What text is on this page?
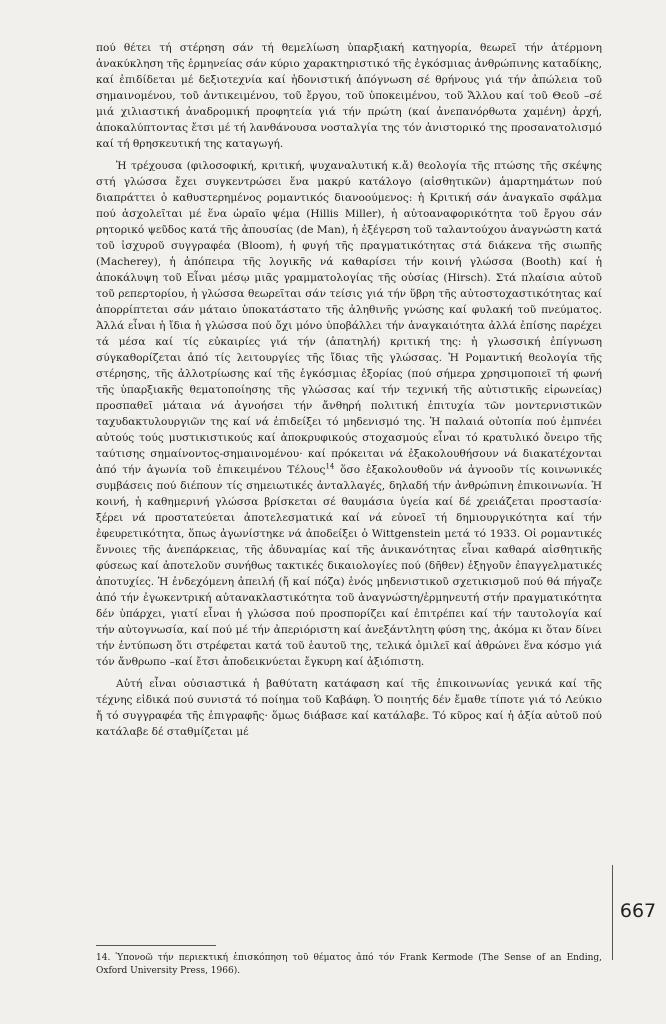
πού θέτει τή στέρηση σάν τή θεμελίωση ὑπαρξιακή κατηγορία, θεωρεῖ τήν ἀτέρμονη ἀνακύκληση τῆς ἑρμηνείας σάν κύριο χαρακτηριστικό τῆς ἐγκόσμιας ἀνθρώπινης καταδίκης, καί ἐπιδίδεται μέ δεξιοτεχνία καί ἡδονιστική ἀπόγνωση σέ θρήνους γιά τήν ἀπώλεια τοῦ σημαινομένου, τοῦ ἀντικειμένου, τοῦ ἔργου, τοῦ ὑποκειμένου, τοῦ Ἄλλου καί τοῦ Θεοῦ –σέ μιά χιλιαστική ἀναδρομική προφητεία γιά τήν πρώτη (καί ἀνεπανόρθωτα χαμένη) ἀρχή, ἀποκαλύπτοντας ἔτσι μέ τή λανθάνουσα νοσταλγία της τόν ἀνιστορικό της προσανατολισμό καί τή θρησκευτική της καταγωγή.

Ἡ τρέχουσα (φιλοσοφική, κριτική, ψυχαναλυτική κ.ἄ) θεολογία τῆς πτώσης τῆς σκέψης στή γλώσσα ἔχει συγκεντρώσει ἕνα μακρύ κατάλογο (αἰσθητικῶν) ἁμαρτημάτων πού διαπράττει ὁ καθυστερημένος ρομαντικός διανοούμενος: ἡ Κριτική σάν ἀναγκαῖο σφάλμα πού ἀσχολεῖται μέ ἕνα ὡραῖο ψέμα (Hillis Miller), ἡ αὐτοαναφορικότητα τοῦ ἔργου σάν ρητορικό ψεῦδος κατά τῆς ἀπουσίας (de Man), ἡ ἐξέγερση τοῦ ταλαντούχου ἀναγνώστη κατά τοῦ ἰσχυροῦ συγγραφέα (Bloom), ἡ φυγή τῆς πραγματικότητας στά διάκενα τῆς σιωπῆς (Macherey), ἡ ἀπόπειρα τῆς λογικῆς νά καθαρίσει τήν κοινή γλώσσα (Booth) καί ἡ ἀποκάλυψη τοῦ Εἶναι μέσῳ μιᾶς γραμματολογίας τῆς οὐσίας (Hirsch). Στά πλαίσια αὐτοῦ τοῦ ρεπερτορίου, ἡ γλώσσα θεωρεῖται σάν τείσις γιά τήν ὕβρη τῆς αὐτοστοχαστικότητας καί ἀπορρίπτεται σάν μάταιο ὑποκατάστατο τῆς ἀληθινῆς γνώσης καί φυλακή τοῦ πνεύματος. Ἀλλά εἶναι ἡ ἴδια ἡ γλώσσα πού ὄχι μόνο ὑποβάλλει τήν ἀναγκαιότητα ἀλλά ἐπίσης παρέχει τά μέσα καί τίς εὐκαιρίες γιά τήν (ἀπατηλή) κριτική της: ἡ γλωσσική ἐπίγνωση σύγκαθορίζεται ἀπό τίς λειτουργίες τῆς ἴδιας τῆς γλώσσας. Ἡ Ρομαντική θεολογία τῆς στέρησης, τῆς ἀλλοτρίωσης καί τῆς ἐγκόσμιας ἐξορίας (πού σήμερα χρησιμοποιεῖ τή φωνή τῆς ὑπαρξιακῆς θεματοποίησης τῆς γλώσσας καί τήν τεχνική τῆς αὐτιστικῆς εἰρωνείας) προσπαθεῖ μάταια νά ἀγνοήσει τήν ἄνθηρή πολιτική ἐπιτυχία τῶν μοντερνιστικῶν ταχυδακτυλουργιῶν της καί νά ἐπιδείξει τό μηδενισμό της. Ἡ παλαιά οὐτοπία πού ἐμπνέει αὐτούς τούς μυστικιστικούς καί ἀποκρυφικούς στοχασμούς εἶναι τό κρατυλικό ὄνειρο τῆς ταύτισης σημαίνοντος-σημαινομένου· καί πρόκειται νά ἐξακολουθήσουν νά διακατέχονται ἀπό τήν ἀγωνία τοῦ ἐπικειμένου Τέλους$^{14}$ ὅσο ἐξακολουθοῦν νά ἀγνοοῦν τίς κοινωνικές συμβάσεις πού διέπουν τίς σημειωτικές ἀνταλλαγές, δηλαδή τήν ἀνθρώπινη ἐπικοινωνία. Ἡ κοινή, ἡ καθημερινή γλώσσα βρίσκεται σέ θαυμάσια ὑγεία καί δέ χρειάζεται προστασία· ξέρει νά προστατεύεται ἀποτελεσματικά καί νά εὐνοεῖ τή δημιουργικότητα καί τήν ἐφευρετικότητα, ὅπως ἀγωνίστηκε νά ἀποδείξει ὁ Wittgenstein μετά τό 1933. Οἱ ρομαντικές ἔννοιες τῆς ἀνεπάρκειας, τῆς ἀδυναμίας καί τῆς ἀνικανότητας εἶναι καθαρά αἰσθητικῆς φύσεως καί ἀποτελοῦν συνήθως τακτικές δικαιολογίες πού (δῆθεν) ἐξηγοῦν ἐπαγγελματικές ἀποτυχίες. Ἡ ἐνδεχόμενη ἀπειλή (ἤ καί πόζα) ἑνός μηδενιστικοῦ σχετικισμοῦ πού θά πήγαζε ἀπό τήν ἐγωκεντρική αὐτανακλαστικότητα τοῦ ἀναγνώστη/ἑρμηνευτή στήν πραγματικότητα δέν ὑπάρχει, γιατί εἶναι ἡ γλώσσα πού προσπορίζει καί ἐπιτρέπει καί τήν ταυτολογία καί τήν αὐτογνωσία, καί πού μέ τήν ἀπεριόριστη καί ἀνεξάντλητη φύση της, ἀκόμα κι ὅταν δίνει τήν ἐντύπωση ὅτι στρέφεται κατά τοῦ ἑαυτοῦ της, τελικά ὁμιλεῖ καί ἀθρώνει ἕνα κόσμο γιά τόν ἄνθρωπο –καί ἔτσι ἀποδεικνύεται ἔγκυρη καί ἀξιόπιστη.

Αὐτή εἶναι οὐσιαστικά ἡ βαθύτατη κατάφαση καί τῆς ἐπικοινωνίας γενικά καί τῆς τέχνης εἰδικά πού συνιστά τό ποίημα τοῦ Καβάφη. Ὁ ποιητής δέν ἔμαθε τίποτε γιά τό Λεύκιο ἤ τό συγγραφέα τῆς ἐπιγραφῆς· ὅμως διάβασε καί κατάλαβε. Τό κῦρος καί ἡ ἀξία αὐτοῦ πού κατάλαβε δέ σταθμίζεται μέ

667
14. Ὑπονοῶ τήν περιεκτική ἐπισκόπηση τοῦ θέματος ἀπό τόν Frank Kermode (The Sense of an Ending, Oxford University Press, 1966).
